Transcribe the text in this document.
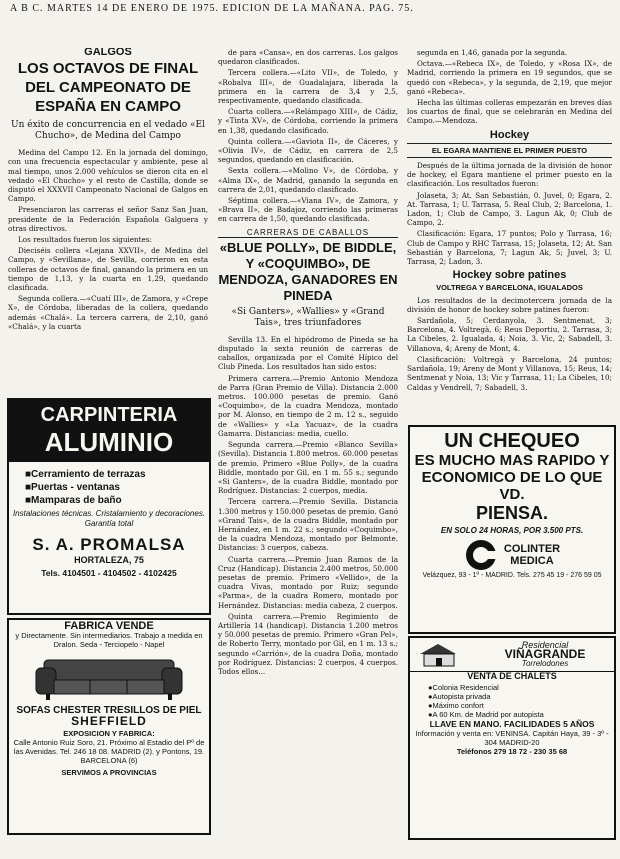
A B C. MARTES 14 DE ENERO DE 1975. EDICION DE LA MAÑANA. PAG. 75.
GALGOS
LOS OCTAVOS DE FINAL DEL CAMPEONATO DE ESPAÑA EN CAMPO
Un éxito de concurrencia en el vedado «El Chucho», de Medina del Campo

Medina del Campo 12. En la jornada del domingo, con una frecuencia espectacular y ambiente, pese al mal tiempo, unos 2.000 vehículos se dieron cita en el vedado «El Chucho» y el resto de Castilla, donde se disputó el XXXVII Campeonato Nacional de Galgos en Campo.

Presenciaron las carreras el señor Sanz San Juan, presidente de la Federación Española Galguera y otras directivos.

Los resultados fueron los siguientes:

Dieciséis collera «Lejana XXVII», de Medina del Campo, y «Sevillana», de Sevilla, corrieron en esta colleras de octavos de final, ganando la primera en un tiempo de 1,13, y la cuarta en 1,29, quedando clasificada.

Segunda collera.—«Cuatí III», de Zamora, y «Crepe X», de Córdoba, liberadas de la collera, quedando además «Chalá». La tercera carrera, de 2,10, ganó «Chalá», y la cuarta

de para «Cansa», en dos carreras. Los galgos quedaron clasificados.

Tercera collera.—«Lito VII», de Toledo, y «Robalva III», de Guadalajara, liberada la primera en la carrera de 3,4 y 2,5, respectivamente, quedando clasificada.

Cuarta collera.—«Relámpago XIII», de Cádiz, y «Tinta XV», de Córdoba, corriendo la primera en 1,38, quedando clasificado.

Quinta collera.—«Gaviota II», de Cáceres, y «Olivia IV», de Cádiz, en carrera de 2,5 segundos, quedando en clasificación.

Sexta collera.—«Molino V», de Córdoba, y «Alma IX», de Madrid, ganando la segunda en carrera de 2,01, quedando clasificado.

Séptima collera.—«Viana IV», de Zamora, y «Brava II», de Badajoz, corriendo las primeras en carrera de 1,50, quedando clasificada.

CARRERAS DE CABALLOS
«BLUE POLLY», DE BIDDLE, Y «COQUIMBO», DE MENDOZA, GANADORES EN PINEDA
«Si Ganters», «Wallies» y «Grand Tais», tres triunfadores

Sevilla 13. En el hipódromo de Pineda se ha disputado la sexta reunión de carreras de caballos, organizada por el Comité Hípico del Club Pineda. Los resultados han sido estos:

Primera carrera.—Premio Antonio Mendoza de Parra (Gran Premio de Villa). Distancia 2.000 metros. 100.000 pesetas de premio. Ganó «Coquimbo», de la cuadra Mendoza, montado por M. Alonso, en tiempo de 2 m. 12 s., seguido de «Wallies» y «La Yacuaz», de la cuadra Gamarra. Distancias: media, cuello.

Segunda carrera.—Premio «Blanco Sevilla» (Sevilla). Distancia 1.800 metros. 60.000 pesetas de premio. Primero «Blue Polly», de la cuadra Biddle, montado por Gil, en 1 m. 55 s.; segundo «Si Ganters», de la cuadra Biddle, montado por Rodríguez. Distancias: 2 cuerpos, media.

Tercera carrera.—Premio Sevilla. Distancia 1.300 metros y 150.000 pesetas de premio. Ganó «Grand Tais», de la cuadra Biddle, montado por Hernández, en 1 m. 22 s.; segundo «Coquimbo», de la cuadra Mendoza, montado por Belmonte. Distancias: 3 cuerpos, cabeza.

Cuarta carrera.—Premio Juan Ramos de la Cruz (Handicap). Distancia 2.400 metros, 50.000 pesetas de premio. Primero «Vellido», de la cuadra Vivas, montado por Ruiz; segundo «Parma», de la cuadra Romero, montado por Hernández. Distancias: media cabeza, 2 cuerpos.

Quinta carrera.—Premio Regimiento de Artillería 14 (handicap). Distancia 1.200 metros y 50.000 pesetas de premio. Primero «Gran Pel», de Roberto Terry, montado por Gil, en 1 m. 13 s.; segundo «Carrión», de la cuadra Doña, montado por Rodríguez. Distancias: 2 cuerpos, 4 cuerpos. Todos ellos...

segunda en 1,46, ganada por la segunda.

Octava.—«Rebeca IX», de Toledo, y «Rosa IX», de Madrid, corriendo la primera en 19 segundos, que se quedó con «Rebeca», y la segunda, de 2,19, que mejor ganó «Rebeca».

Hecha las últimas colleras empezarán en breves días los cuartos de final, que se celebrarán en Medina del Campo.—Mendoza.

Hockey
EL EGARA MANTIENE EL PRIMER PUESTO

Después de la última jornada de la división de honor de hockey, el Egara mantiene el primer puesto en la clasificación. Los resultados fueron:

Jolaseta, 3; At. San Sebastián, 0. Juvel, 0; Egara, 2. At. Tarrasa, 1; U. Tarrasa, 5. Real Club, 2; Barcelona, 1. Ladon, 1; Club de Campo, 3. Lagun Ak, 0; Club de Campo, 2.

Clasificación: Egara, 17 puntos; Polo y Tarrasa, 16; Club de Campo y RHC Tarrasa, 15; Jolaseta, 12; At. San Sebastián y Barcelona, 7; Lagun Ak, 5; Juvel, 3; U. Tarrasa, 2; Ladon, 3.

Hockey sobre patines
VOLTREGA Y BARCELONA, IGUALADOS

Los resultados de la decimotercera jornada de la división de honor de hockey sobre patines fueron:

Sardañola, 5; Cerdanyola, 3. Sentmenat, 3; Barcelona, 4. Voltregà, 6; Reus Deportiu, 2. Tarrasa, 3; La Cibeles, 2. Igualada, 4; Noia, 3. Vic, 2; Sabadell, 3. Villanova, 4; Areny de Mont, 4.

Clasificación: Voltregà y Barcelona, 24 puntos; Sardañola, 19; Areny de Mont y Villanova, 15; Reus, 14; Sentmenat y Noia, 13; Vic y Tarrasa, 11; La Cibeles, 10; Caldas y Vendrell, 7; Sabadell, 3.

CARPINTERIA
ALUMINIO
■ Cerramiento de terrazas
■ Puertas - ventanas
■ Mamparas de baño
Instalaciones técnicas. Cristalamiento y decoraciones. Garantía total
S. A. PROMALSA
HORTALEZA, 75
Tels. 4104501 - 4104502 - 4102425
FABRICA VENDE
y Directamente. Sin intermediarios. Trabajo a medida en Dralon. Seda - Terciopelo - Napel
SOFAS CHESTER TRESILLOS DE PIEL
SHEFFIELD
EXPOSICION Y FABRICA:
Calle Antonio Ruiz Soro, 21. Próximo al Estadio del Pº de las Avenidas. Tel. 246 18 08. MADRID (2). y Pontons, 19. BARCELONA (6)
SERVIMOS A PROVINCIAS
UN CHEQUEO
ES MUCHO MAS RAPIDO Y ECONOMICO DE LO QUE VD.
PIENSA.
EN SOLO 24 HORAS, POR 3.500 PTS.
COLINTER
MEDICA
Velázquez, 93 - 1º - MADRID. Tels. 275 45 19 - 276 59 05
Residencial
VIÑAGRANDE
Torrelodones
VENTA DE CHALETS
● Colonia Residencial
● Autopista privada
● Máximo confort
● A 60 Km. de Madrid por autopista
LLAVE EN MANO. FACILIDADES 5 AÑOS
Información y venta en: VENINSA. Capitán Haya, 39 - 3º - 304 MADRID-20
Teléfonos 279 18 72 - 230 35 68
